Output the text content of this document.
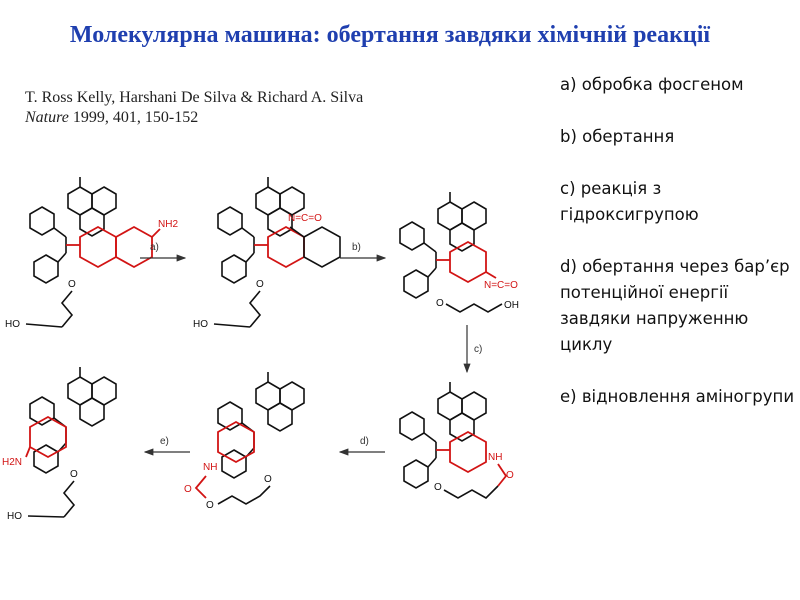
Молекулярна машина: обертання завдяки хімічній реакції
T. Ross Kelly, Harshani De Silva & Richard A. Silva
Nature 1999, 401, 150-152
a) обробка фосгеном
b) обертання
c) реакція з гідроксигрупою
d) обертання через бар’єр потенційної енергії завдяки напруженню циклу
e) відновлення аміногрупи
NH2
O
HO
N=C=O
O
HO
N=C=O
O	OH
a)	b)
c)
NH
O
O
d)
NH
O
O
O
e)
H2N
O
HO
